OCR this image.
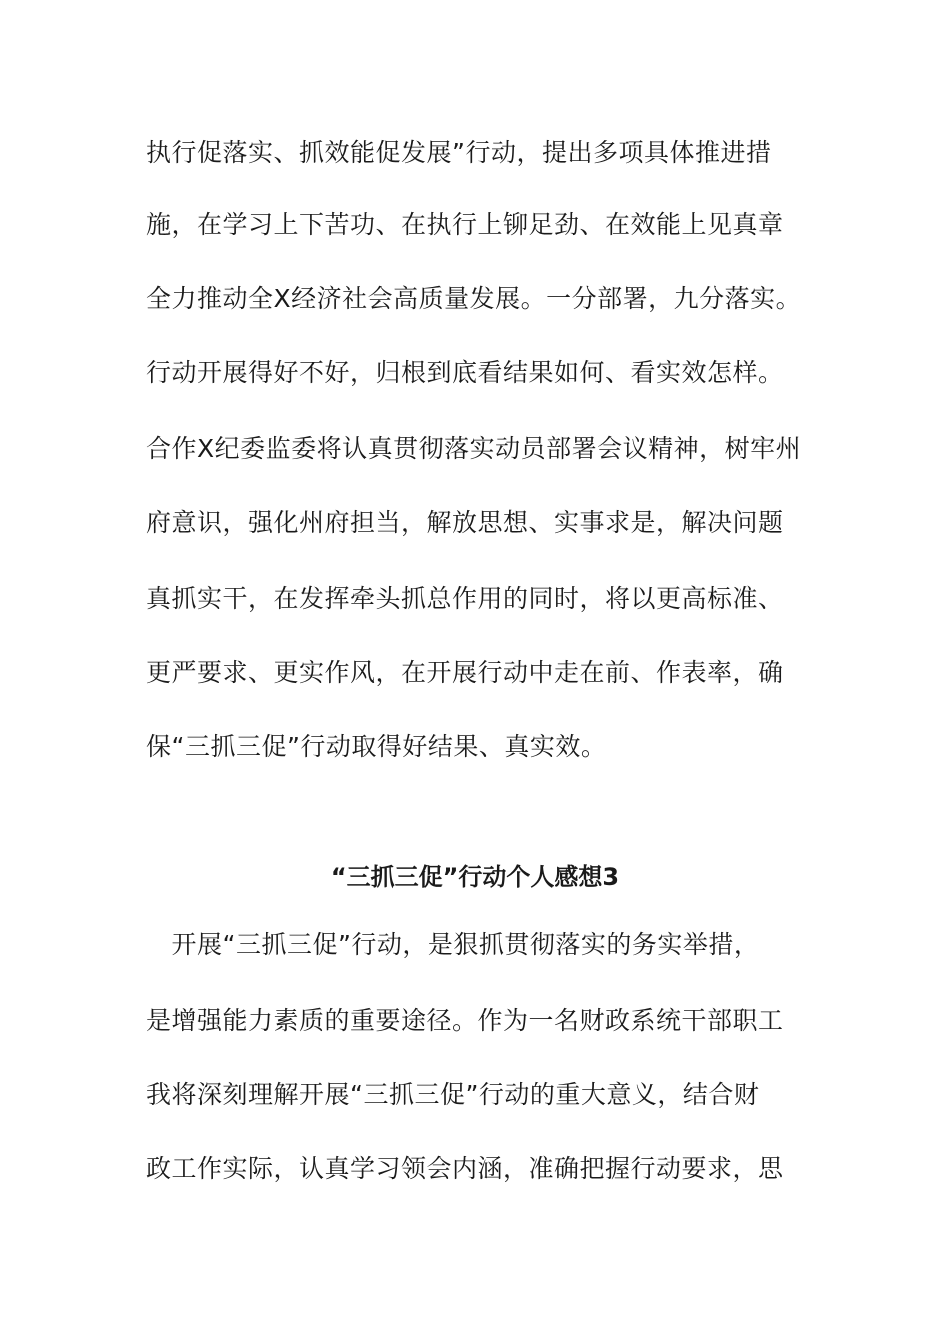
执行促落实、抓效能促发展”行动，提出多项具体推进措
施，在学习上下苦功、在执行上铆足劲、在效能上见真章
全力推动全X经济社会高质量发展。一分部署，九分落实。
行动开展得好不好，归根到底看结果如何、看实效怎样。
合作X纪委监委将认真贯彻落实动员部署会议精神，树牢州
府意识，强化州府担当，解放思想、实事求是，解决问题
真抓实干，在发挥牵头抓总作用的同时，将以更高标准、
更严要求、更实作风，在开展行动中走在前、作表率，确
保“三抓三促”行动取得好结果、真实效。
“三抓三促”行动个人感想3
　开展“三抓三促”行动，是狠抓贯彻落实的务实举措，
是增强能力素质的重要途径。作为一名财政系统干部职工
我将深刻理解开展“三抓三促”行动的重大意义，结合财
政工作实际，认真学习领会内涵，准确把握行动要求，思
